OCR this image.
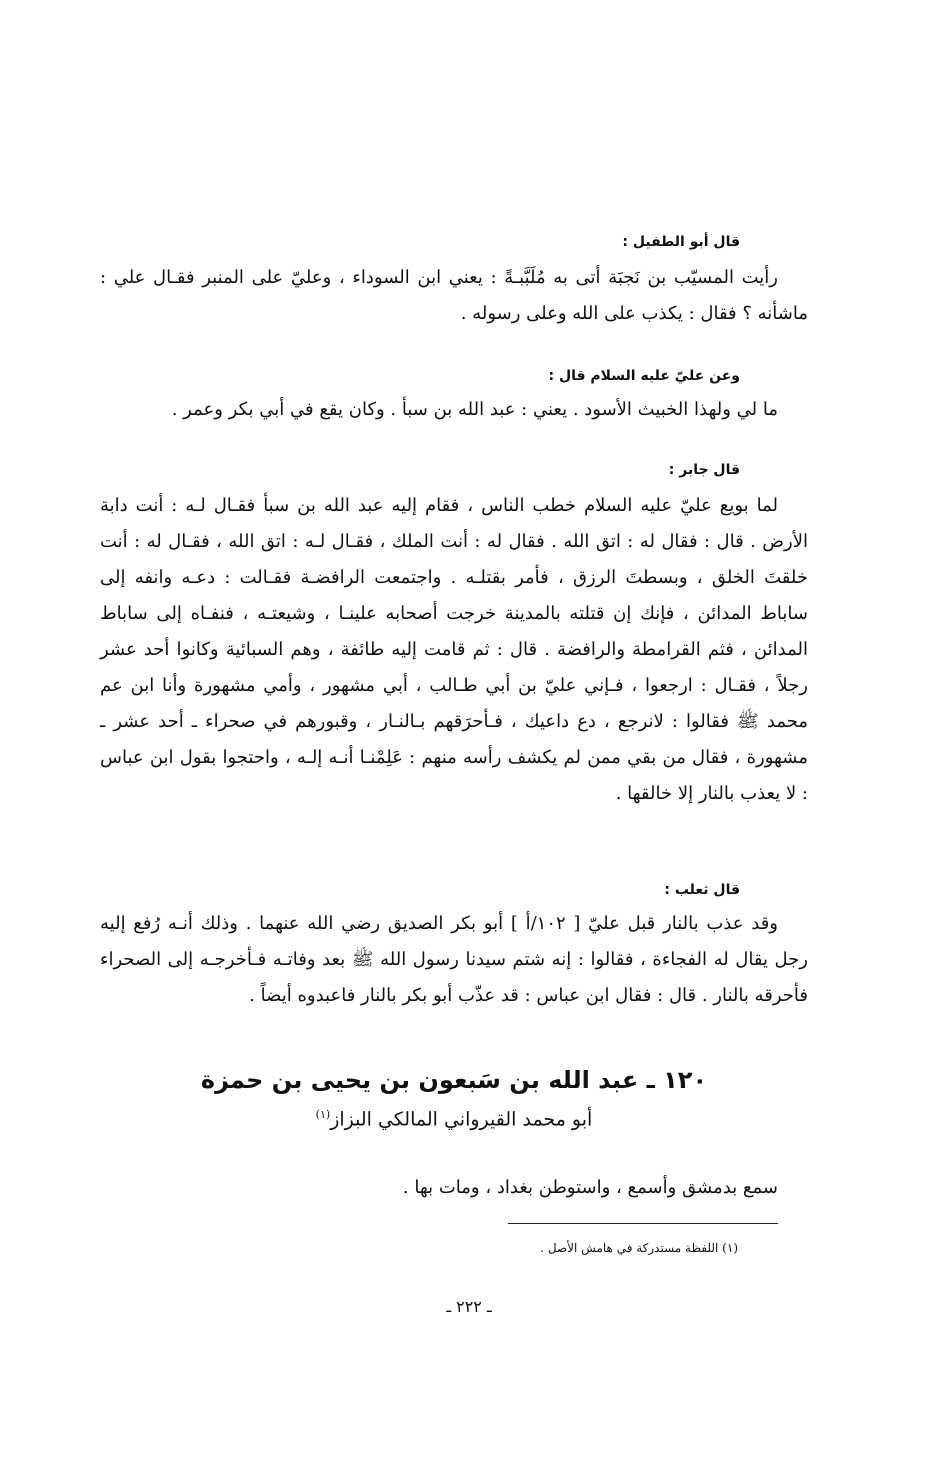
قال أبو الطفيل :

رأيت المسيّب بن نَجبَة أتى به مُلَبَّبـةً : يعني ابن السوداء ، وعليّ على المنبر فقـال علي : ماشأنه ؟ فقال : يكذب على الله وعلى رسوله .

وعن عليّ عليه السلام قال :

ما لي ولهذا الخبيث الأسود . يعني : عبد الله بن سبأ . وكان يقع في أبي بكر وعمر .

قال جابر :

لما بويع عليّ عليه السلام خطب الناس ، فقام إليه عبد الله بن سبأ فقـال لـه : أنت دابة الأرض . قال : فقال له : اتق الله . فقال له : أنت الملك ، فقـال لـه : اتق الله ، فقـال له : أنت خلقتَ الخلق ، وبسطتَ الرزق ، فأمر بقتلـه . واجتمعت الرافضـة فقـالت : دعـه وانفه إلى ساباط المدائن ، فإنك إن قتلته بالمدينة خرجت أصحابه علينـا ، وشيعتـه ، فنفـاه إلى ساباط المدائن ، فثم القرامطة والرافضة . قال : ثم قامت إليه طائفة ، وهم السبائية وكانوا أحد عشر رجلاً ، فقـال : ارجعوا ، فـإني عليّ بن أبي طـالب ، أبي مشهور ، وأمي مشهورة وأنا ابن عم محمد ﷺ فقالوا : لانرجع ، دع داعيك ، فـأحرَقهم بـالنـار ، وقبورهم في صحراء ـ أحد عشر ـ مشهورة ، فقال من بقي ممن لم يكشف رأسه منهم : عَلِمْنـا أنـه إلـه ، واحتجوا بقول ابن عباس : لا يعذب بالنار إلا خالقها .

قال ثعلب :

وقد عذب بالنار قبل عليّ [ ١٠٢/أ ] أبو بكر الصديق رضي الله عنهما . وذلك أنـه رُفع إليه رجل يقال له الفجاءة ، فقالوا : إنه شتم سيدنا رسول الله ﷺ بعد وفاتـه فـأخرجـه إلى الصحراء فأحرقه بالنار . قال : فقال ابن عباس : قد عذّب أبو بكر بالنار فاعبدوه أيضاً .

١٢٠ ـ عبد الله بن سَبعون بن يحيى بن حمزة

أبو محمد القيرواني المالكي البزاز$^{(١)}$

سمع بدمشق وأسمع ، واستوطن بغداد ، ومات بها .

(١) اللفظة مستدركة في هامش الأصل .

ـ ٢٢٢ ـ
